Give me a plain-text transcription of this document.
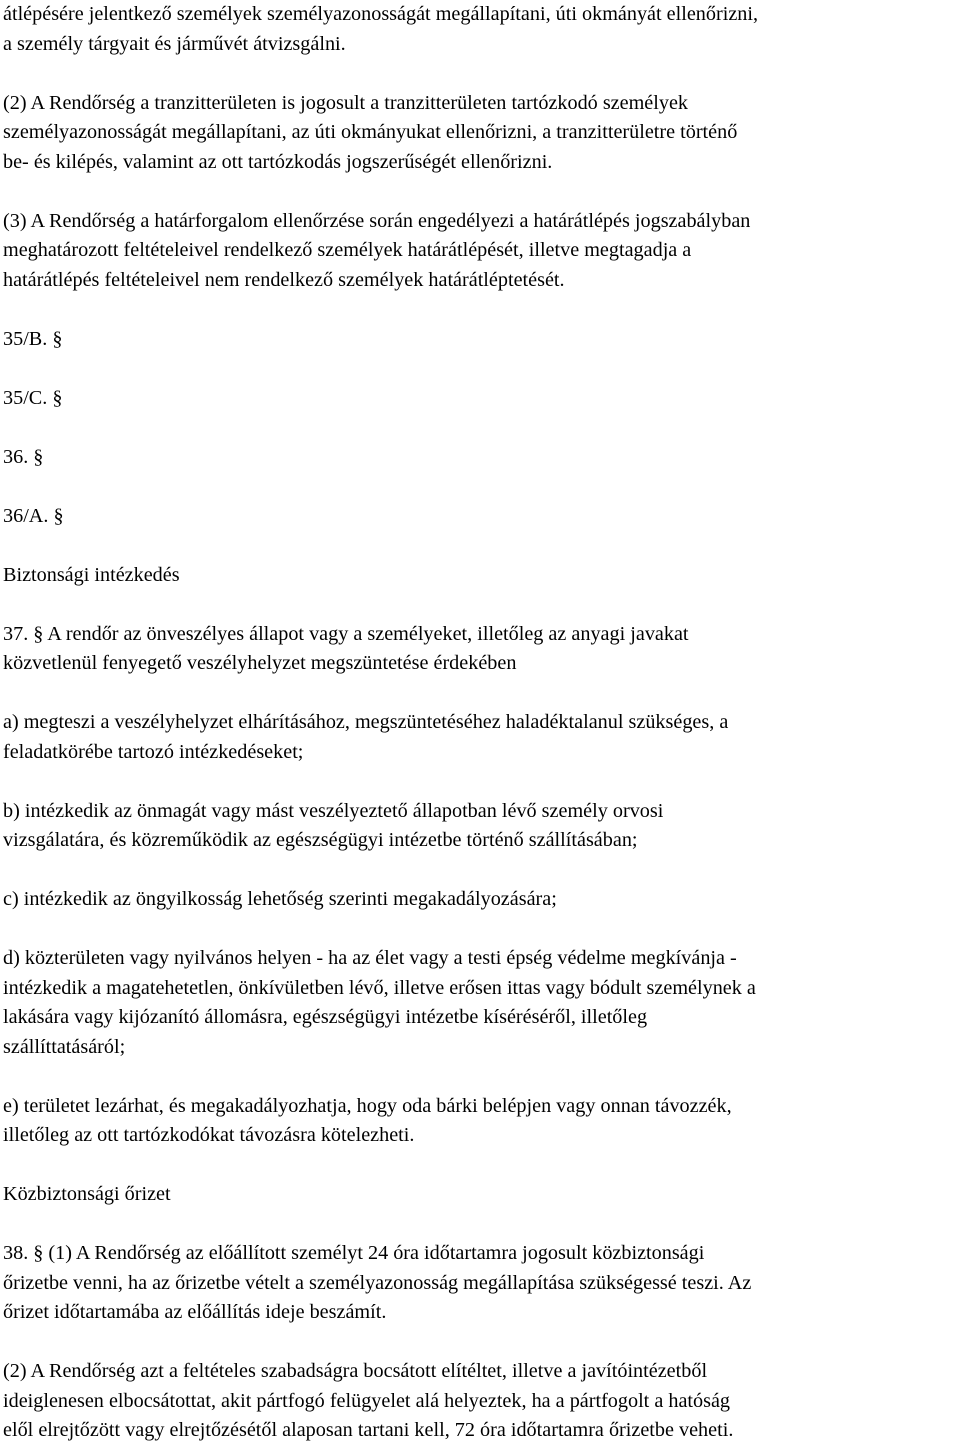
átlépésére jelentkező személyek személyazonosságát megállapítani, úti okmányát ellenőrizni,

a személy tárgyait és járművét átvizsgálni.

(2) A Rendőrség a tranzitterületen is jogosult a tranzitterületen tartózkodó személyek

személyazonosságát megállapítani, az úti okmányukat ellenőrizni, a tranzitterületre történő

be- és kilépés, valamint az ott tartózkodás jogszerűségét ellenőrizni.

(3) A Rendőrség a határforgalom ellenőrzése során engedélyezi a határátlépés jogszabályban

meghatározott feltételeivel rendelkező személyek határátlépését, illetve megtagadja a

határátlépés feltételeivel nem rendelkező személyek határátléptetését.

35/B. §

35/C. §

36. §

36/A. §

Biztonsági intézkedés

37. § A rendőr az önveszélyes állapot vagy a személyeket, illetőleg az anyagi javakat

közvetlenül fenyegető veszélyhelyzet megszüntetése érdekében

a) megteszi a veszélyhelyzet elhárításához, megszüntetéséhez haladéktalanul szükséges, a

feladatkörébe tartozó intézkedéseket;

b) intézkedik az önmagát vagy mást veszélyeztető állapotban lévő személy orvosi

vizsgálatára, és közreműködik az egészségügyi intézetbe történő szállításában;

c) intézkedik az öngyilkosság lehetőség szerinti megakadályozására;

d) közterületen vagy nyilvános helyen - ha az élet vagy a testi épség védelme megkívánja -

intézkedik a magatehetetlen, önkívületben lévő, illetve erősen ittas vagy bódult személynek a

lakására vagy kijózanító állomásra, egészségügyi intézetbe kíséréséről, illetőleg

szállíttatásáról;

e) területet lezárhat, és megakadályozhatja, hogy oda bárki belépjen vagy onnan távozzék,

illetőleg az ott tartózkodókat távozásra kötelezheti.

Közbiztonsági őrizet

38. § (1) A Rendőrség az előállított személyt 24 óra időtartamra jogosult közbiztonsági

őrizetbe venni, ha az őrizetbe vételt a személyazonosság megállapítása szükségessé teszi. Az

őrizet időtartamába az előállítás ideje beszámít.

(2) A Rendőrség azt a feltételes szabadságra bocsátott elítéltet, illetve a javítóintézetből

ideiglenesen elbocsátottat, akit pártfogó felügyelet alá helyeztek, ha a pártfogolt a hatóság

elől elrejtőzött vagy elrejtőzésétől alaposan tartani kell, 72 óra időtartamra őrizetbe veheti.
